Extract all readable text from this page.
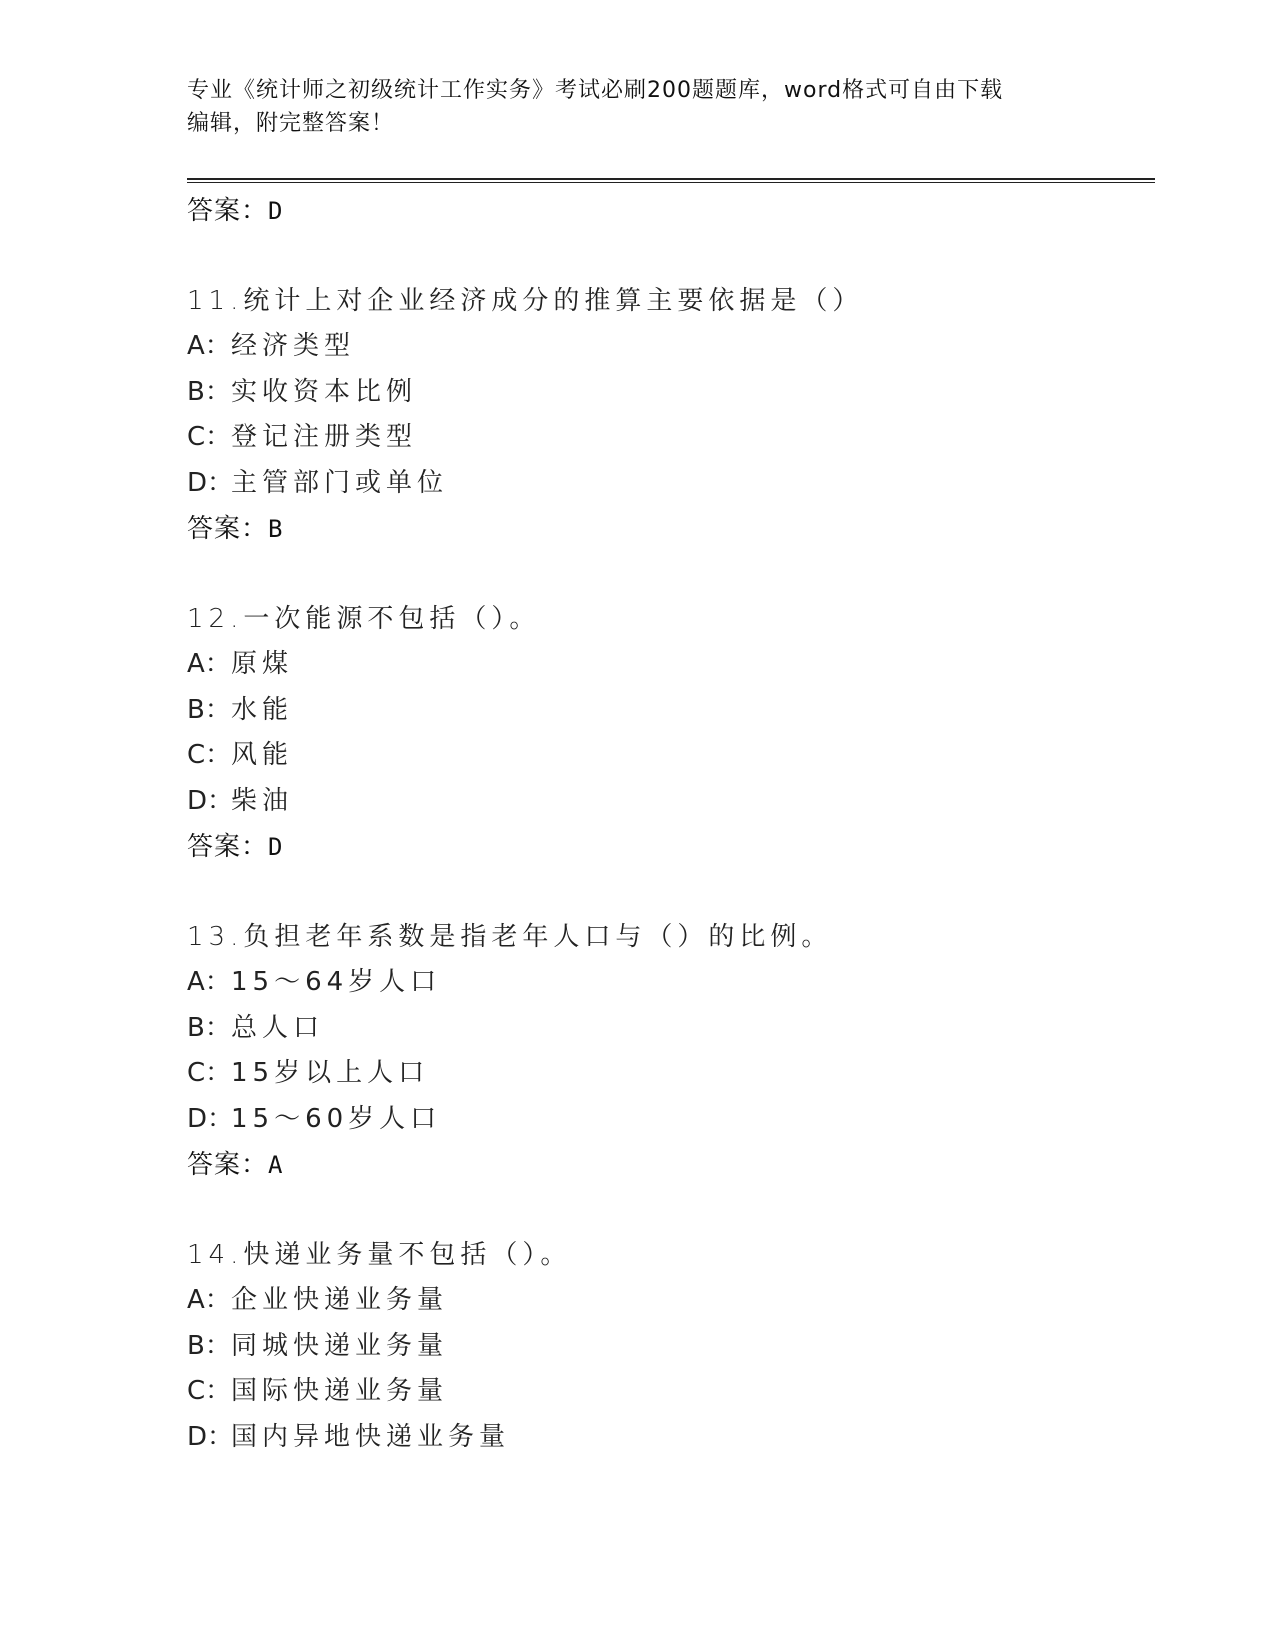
专业《统计师之初级统计工作实务》考试必刷200题题库，word格式可自由下载
编辑，附完整答案！
答案：D
11.统计上对企业经济成分的推算主要依据是（）
A： 经济类型
B： 实收资本比例
C： 登记注册类型
D：
主管部门或单位
答案：B
12.一次能源不包括（）。
A： 原煤
B： 水能
C： 风能
D：
柴油
答案：D
13.负担老年系数是指老年人口与（）的比例。
A： 15～64岁人口
B： 总人口
C： 15岁以上人口
D：
15～60岁人口
答案：A
14.快递业务量不包括（）。
A： 企业快递业务量
B： 同城快递业务量
C： 国际快递业务量
D：
国内异地快递业务量
